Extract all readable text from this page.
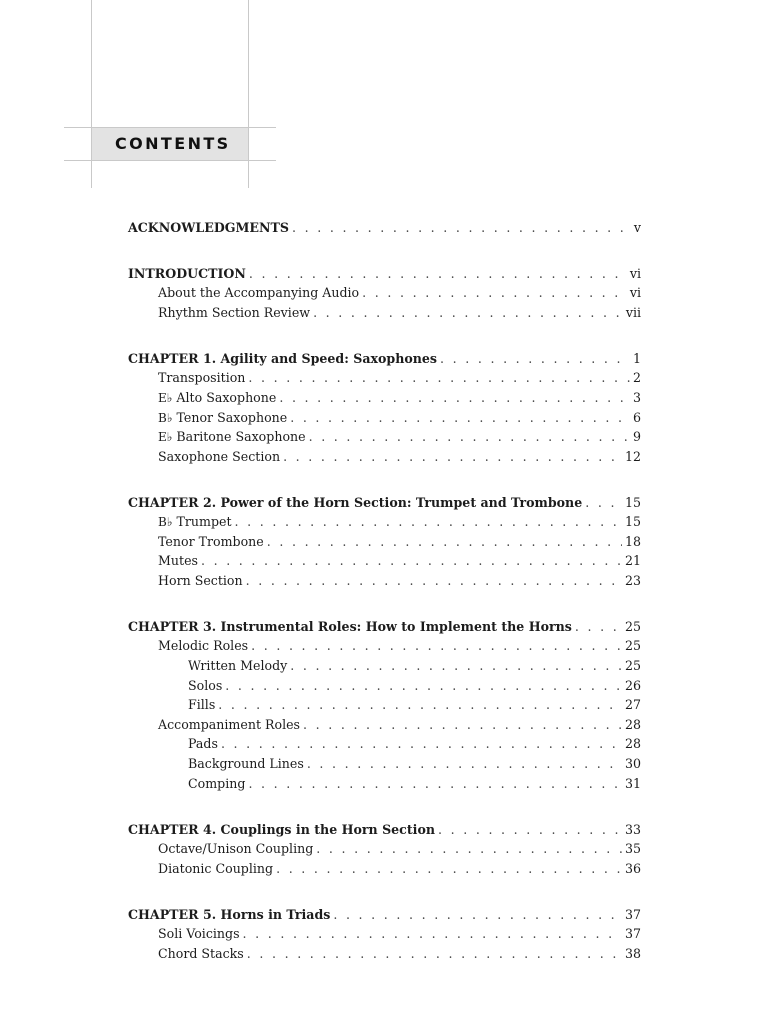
CONTENTS
ACKNOWLEDGMENTS . . .	v
INTRODUCTION . . .	vi
About the Accompanying Audio . . .	vi
Rhythm Section Review . . .	vii
CHAPTER 1. Agility and Speed: Saxophones . . .	1
Transposition . . .	2
E♭ Alto Saxophone . . .	3
B♭ Tenor Saxophone . . .	6
E♭ Baritone Saxophone . . .	9
Saxophone Section . . .	12
CHAPTER 2. Power of the Horn Section: Trumpet and Trombone . . .	15
B♭ Trumpet . . .	15
Tenor Trombone . . .	18
Mutes . . .	21
Horn Section . . .	23
CHAPTER 3. Instrumental Roles: How to Implement the Horns . . .	25
Melodic Roles . . .	25
Written Melody . . .	25
Solos . . .	26
Fills . . .	27
Accompaniment Roles . . .	28
Pads . . .	28
Background Lines . . .	30
Comping . . .	31
CHAPTER 4. Couplings in the Horn Section . . .	33
Octave/Unison Coupling . . .	35
Diatonic Coupling . . .	36
CHAPTER 5. Horns in Triads . . .	37
Soli Voicings . . .	37
Chord Stacks . . .	38
